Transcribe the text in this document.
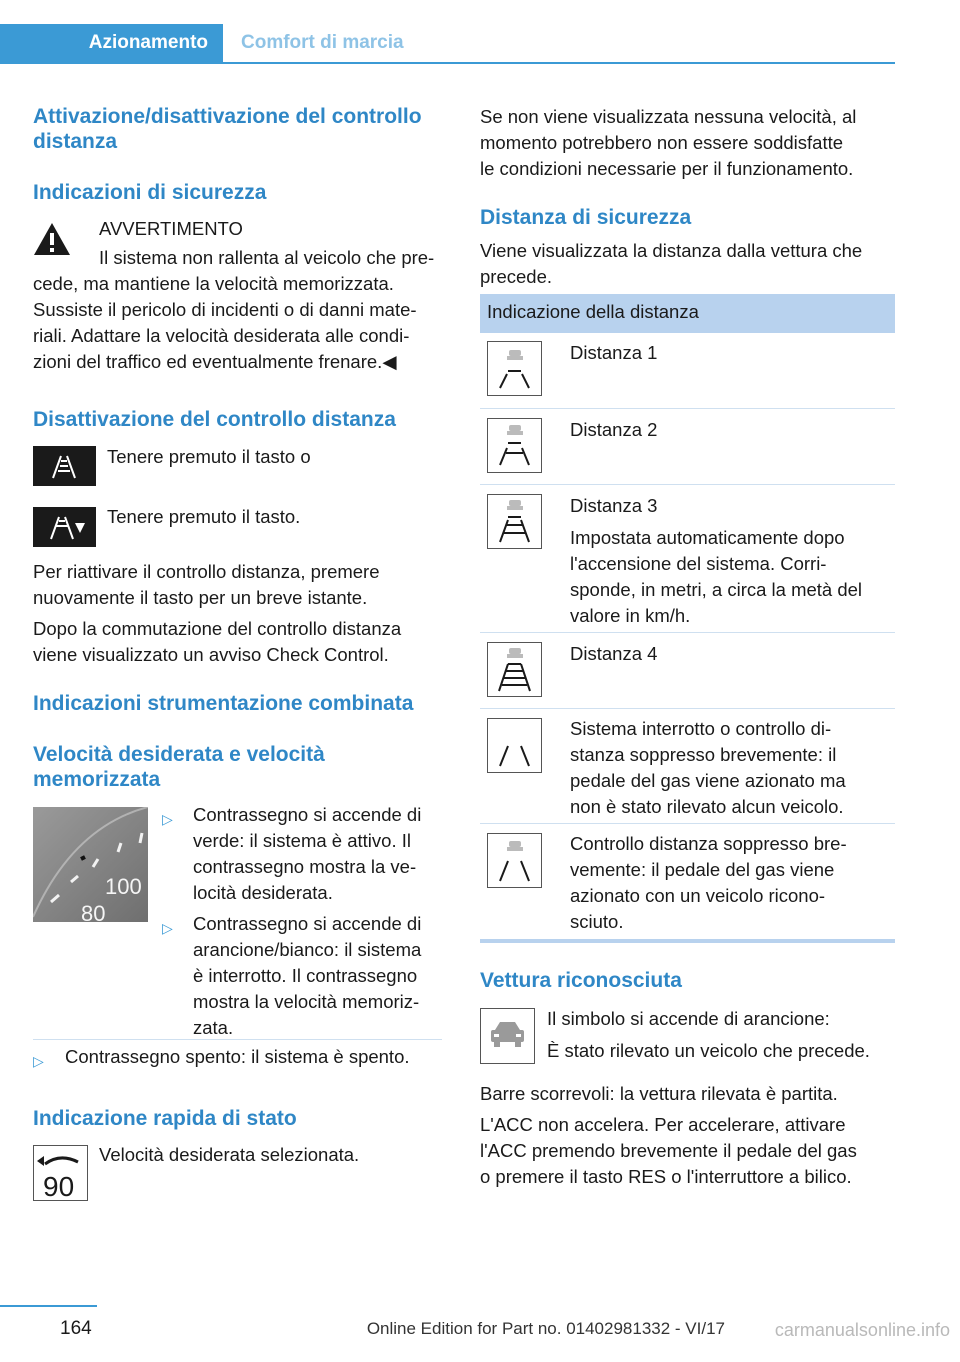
Azionamento	Comfort di marcia
Attivazione/disattivazione del controllo distanza
Indicazioni di sicurezza
AVVERTIMENTO
Il sistema non rallenta al veicolo che pre-
cede, ma mantiene la velocità memorizzata.
Sussiste il pericolo di incidenti o di danni mate-
riali. Adattare la velocità desiderata alle condi-
zioni del traffico ed eventualmente frenare.◀
Disattivazione del controllo distanza
Tenere premuto il tasto o
Tenere premuto il tasto.
Per riattivare il controllo distanza, premere
nuovamente il tasto per un breve istante.
Dopo la commutazione del controllo distanza
viene visualizzato un avviso Check Control.
Indicazioni strumentazione combinata
Velocità desiderata e velocità
memorizzata
100
80
▷ Contrassegno si accende di
verde: il sistema è attivo. Il
contrassegno mostra la ve-
locità desiderata.
▷ Contrassegno si accende di
arancione/bianco: il sistema
è interrotto. Il contrassegno
mostra la velocità memoriz-
zata.
▷ Contrassegno spento: il sistema è spento.
Indicazione rapida di stato
90
Velocità desiderata selezionata.
Se non viene visualizzata nessuna velocità, al
momento potrebbero non essere soddisfatte
le condizioni necessarie per il funzionamento.
Distanza di sicurezza
Viene visualizzata la distanza dalla vettura che
precede.
Indicazione della distanza
Distanza 1
Distanza 2
Distanza 3
Impostata automaticamente dopo
l'accensione del sistema. Corri-
sponde, in metri, a circa la metà del
valore in km/h.
Distanza 4
Sistema interrotto o controllo di-
stanza soppresso brevemente: il
pedale del gas viene azionato ma
non è stato rilevato alcun veicolo.
Controllo distanza soppresso bre-
vemente: il pedale del gas viene
azionato con un veicolo ricono-
sciuto.
Vettura riconosciuta
Il simbolo si accende di arancione:
È stato rilevato un veicolo che precede.
Barre scorrevoli: la vettura rilevata è partita.
L'ACC non accelera. Per accelerare, attivare
l'ACC premendo brevemente il pedale del gas
o premere il tasto RES o l'interruttore a bilico.
164	Online Edition for Part no. 01402981332 - VI/17	carmanualsonline.info
